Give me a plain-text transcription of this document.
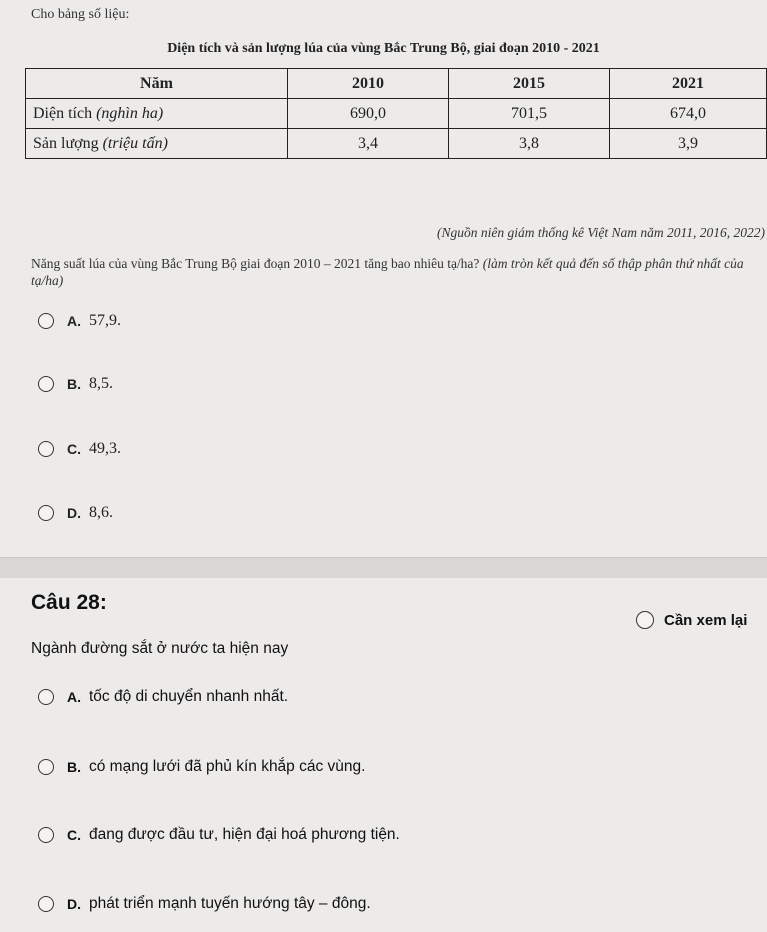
Cho bảng số liệu:
Diện tích và sản lượng lúa của vùng Bắc Trung Bộ, giai đoạn 2010 - 2021
Năm	2010	2015	2021
Diện tích (nghìn ha)	690,0	701,5	674,0
Sản lượng (triệu tấn)	3,4	3,8	3,9
(Nguồn niên giám thống kê Việt Nam năm 2011, 2016, 2022)
Năng suất lúa của vùng Bắc Trung Bộ giai đoạn 2010 – 2021 tăng bao nhiêu tạ/ha? (làm tròn kết quả đến số thập phân thứ nhất của tạ/ha)
A. 57,9.
B. 8,5.
C. 49,3.
D. 8,6.
Câu 28:
Cần xem lại
Ngành đường sắt ở nước ta hiện nay
A. tốc độ di chuyển nhanh nhất.
B. có mạng lưới đã phủ kín khắp các vùng.
C. đang được đầu tư, hiện đại hoá phương tiện.
D. phát triển mạnh tuyến hướng tây – đông.
